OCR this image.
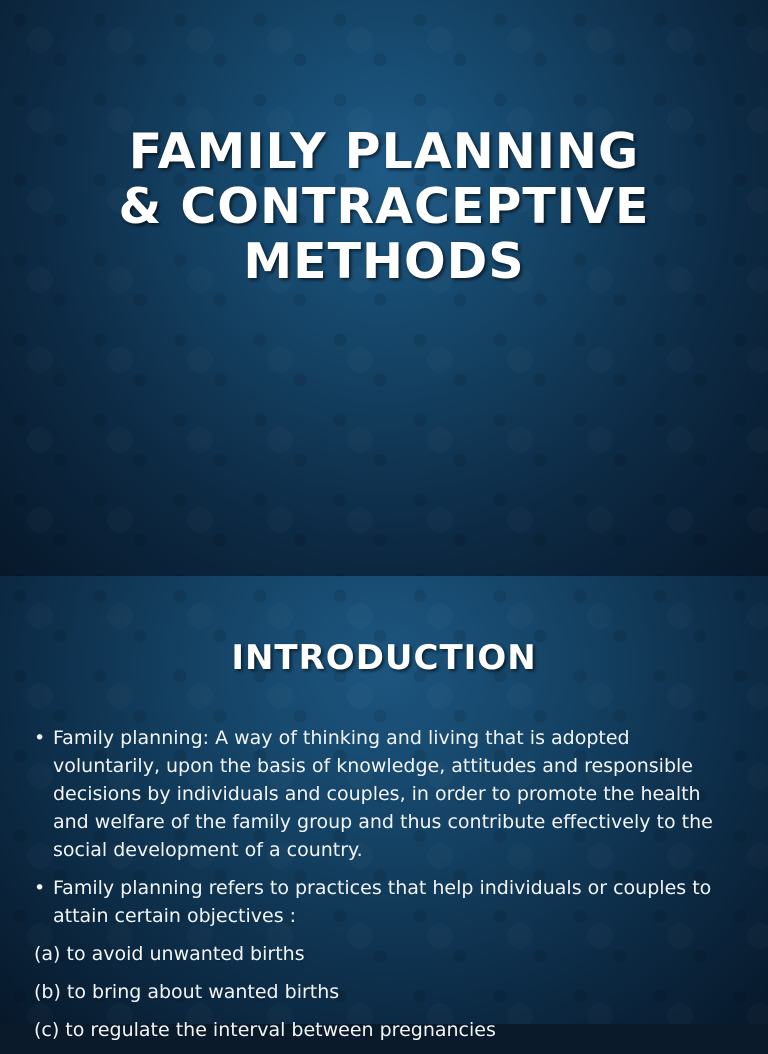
FAMILY PLANNING
& CONTRACEPTIVE
METHODS
INTRODUCTION

• Family planning: A way of thinking and living that is adopted voluntarily, upon the basis of knowledge, attitudes and responsible decisions by individuals and couples, in order to promote the health and welfare of the family group and thus contribute effectively to the social development of a country.

• Family planning refers to practices that help individuals or couples to attain certain objectives :

(a) to avoid unwanted births

(b) to bring about wanted births

(c) to regulate the interval between pregnancies
